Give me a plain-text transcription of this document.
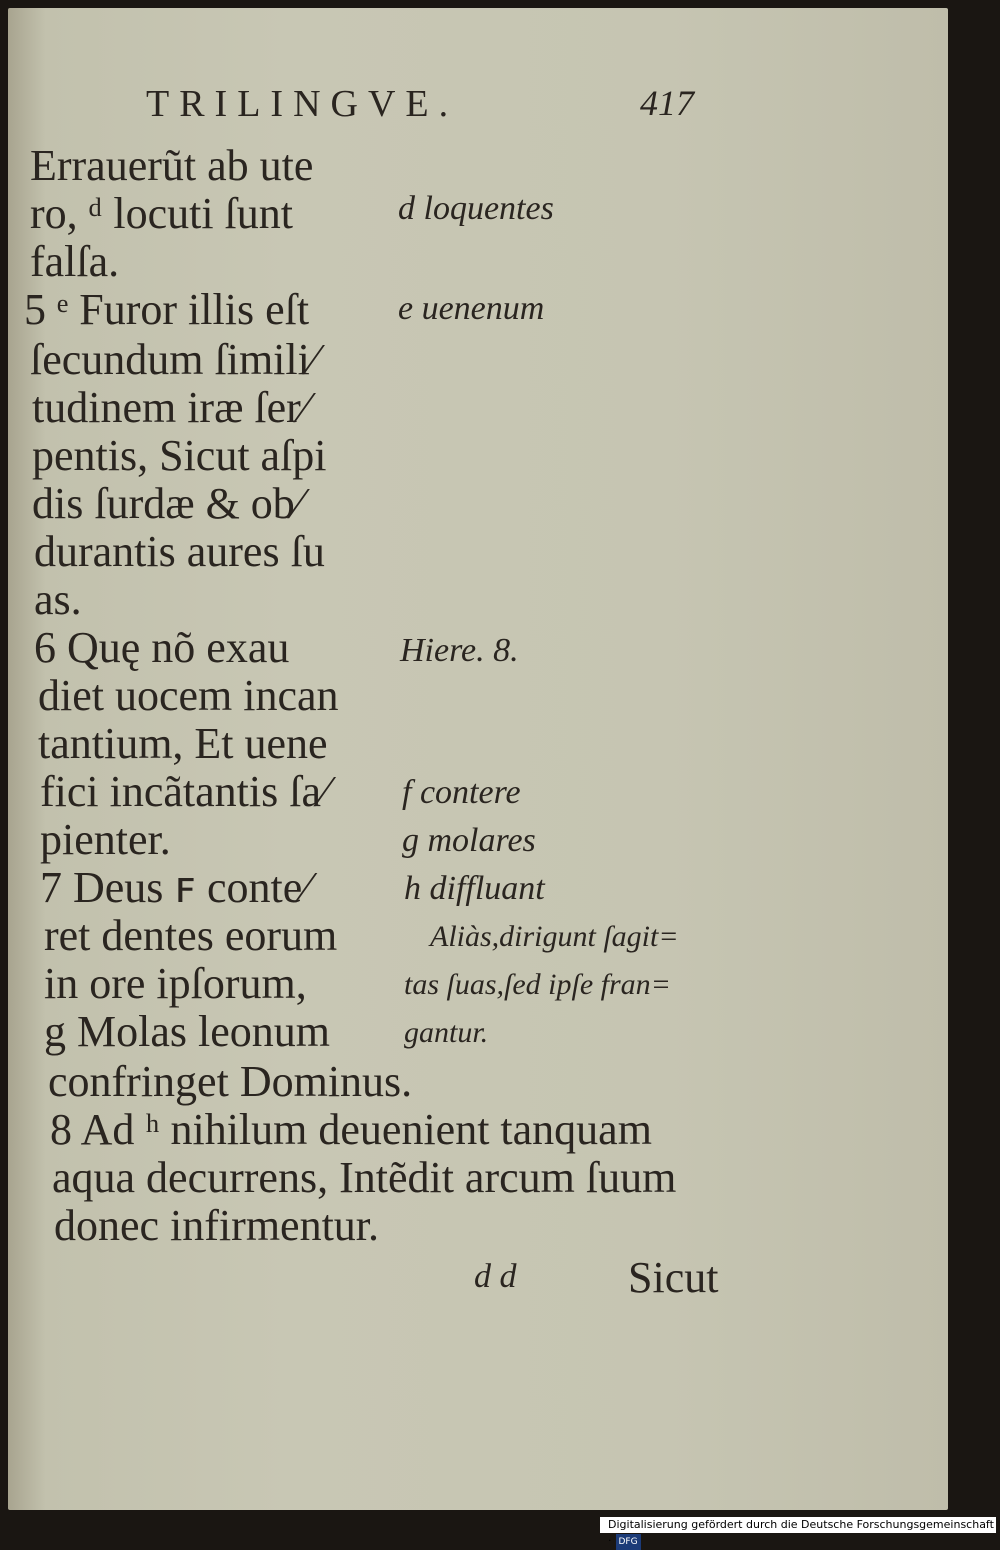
TRILINGVE.	417
Errauerũt ab ute
ro, ᵈ locuti ſunt
falſa.
5 ᵉ Furor illis eſt
ſecundum ſimili⁄
tudinem iræ ſer⁄
pentis, Sicut aſpi
dis ſurdæ & ob⁄
durantis aures ſu
as.
6 Quę nõ exau
diet uocem incan
tantium, Et uene
fici incãtantis ſa⁄
pienter.
7 Deus ꜰ conte⁄
ret dentes eorum
in ore ipſorum,
g Molas leonum
confringet Dominus.
8 Ad ʰ nihilum deuenient tanquam
aqua decurrens, Intẽdit arcum ſuum
donec infirmentur.
d loquentes
e uenenum
Hiere. 8.
f contere
g molares
h diffluant
Aliàs,dirigunt ſagit=
tas ſuas,ſed ipſe fran=
gantur.
d d	Sicut
Digitalisierung gefördert durch die Deutsche Forschungsgemeinschaft · DFG
